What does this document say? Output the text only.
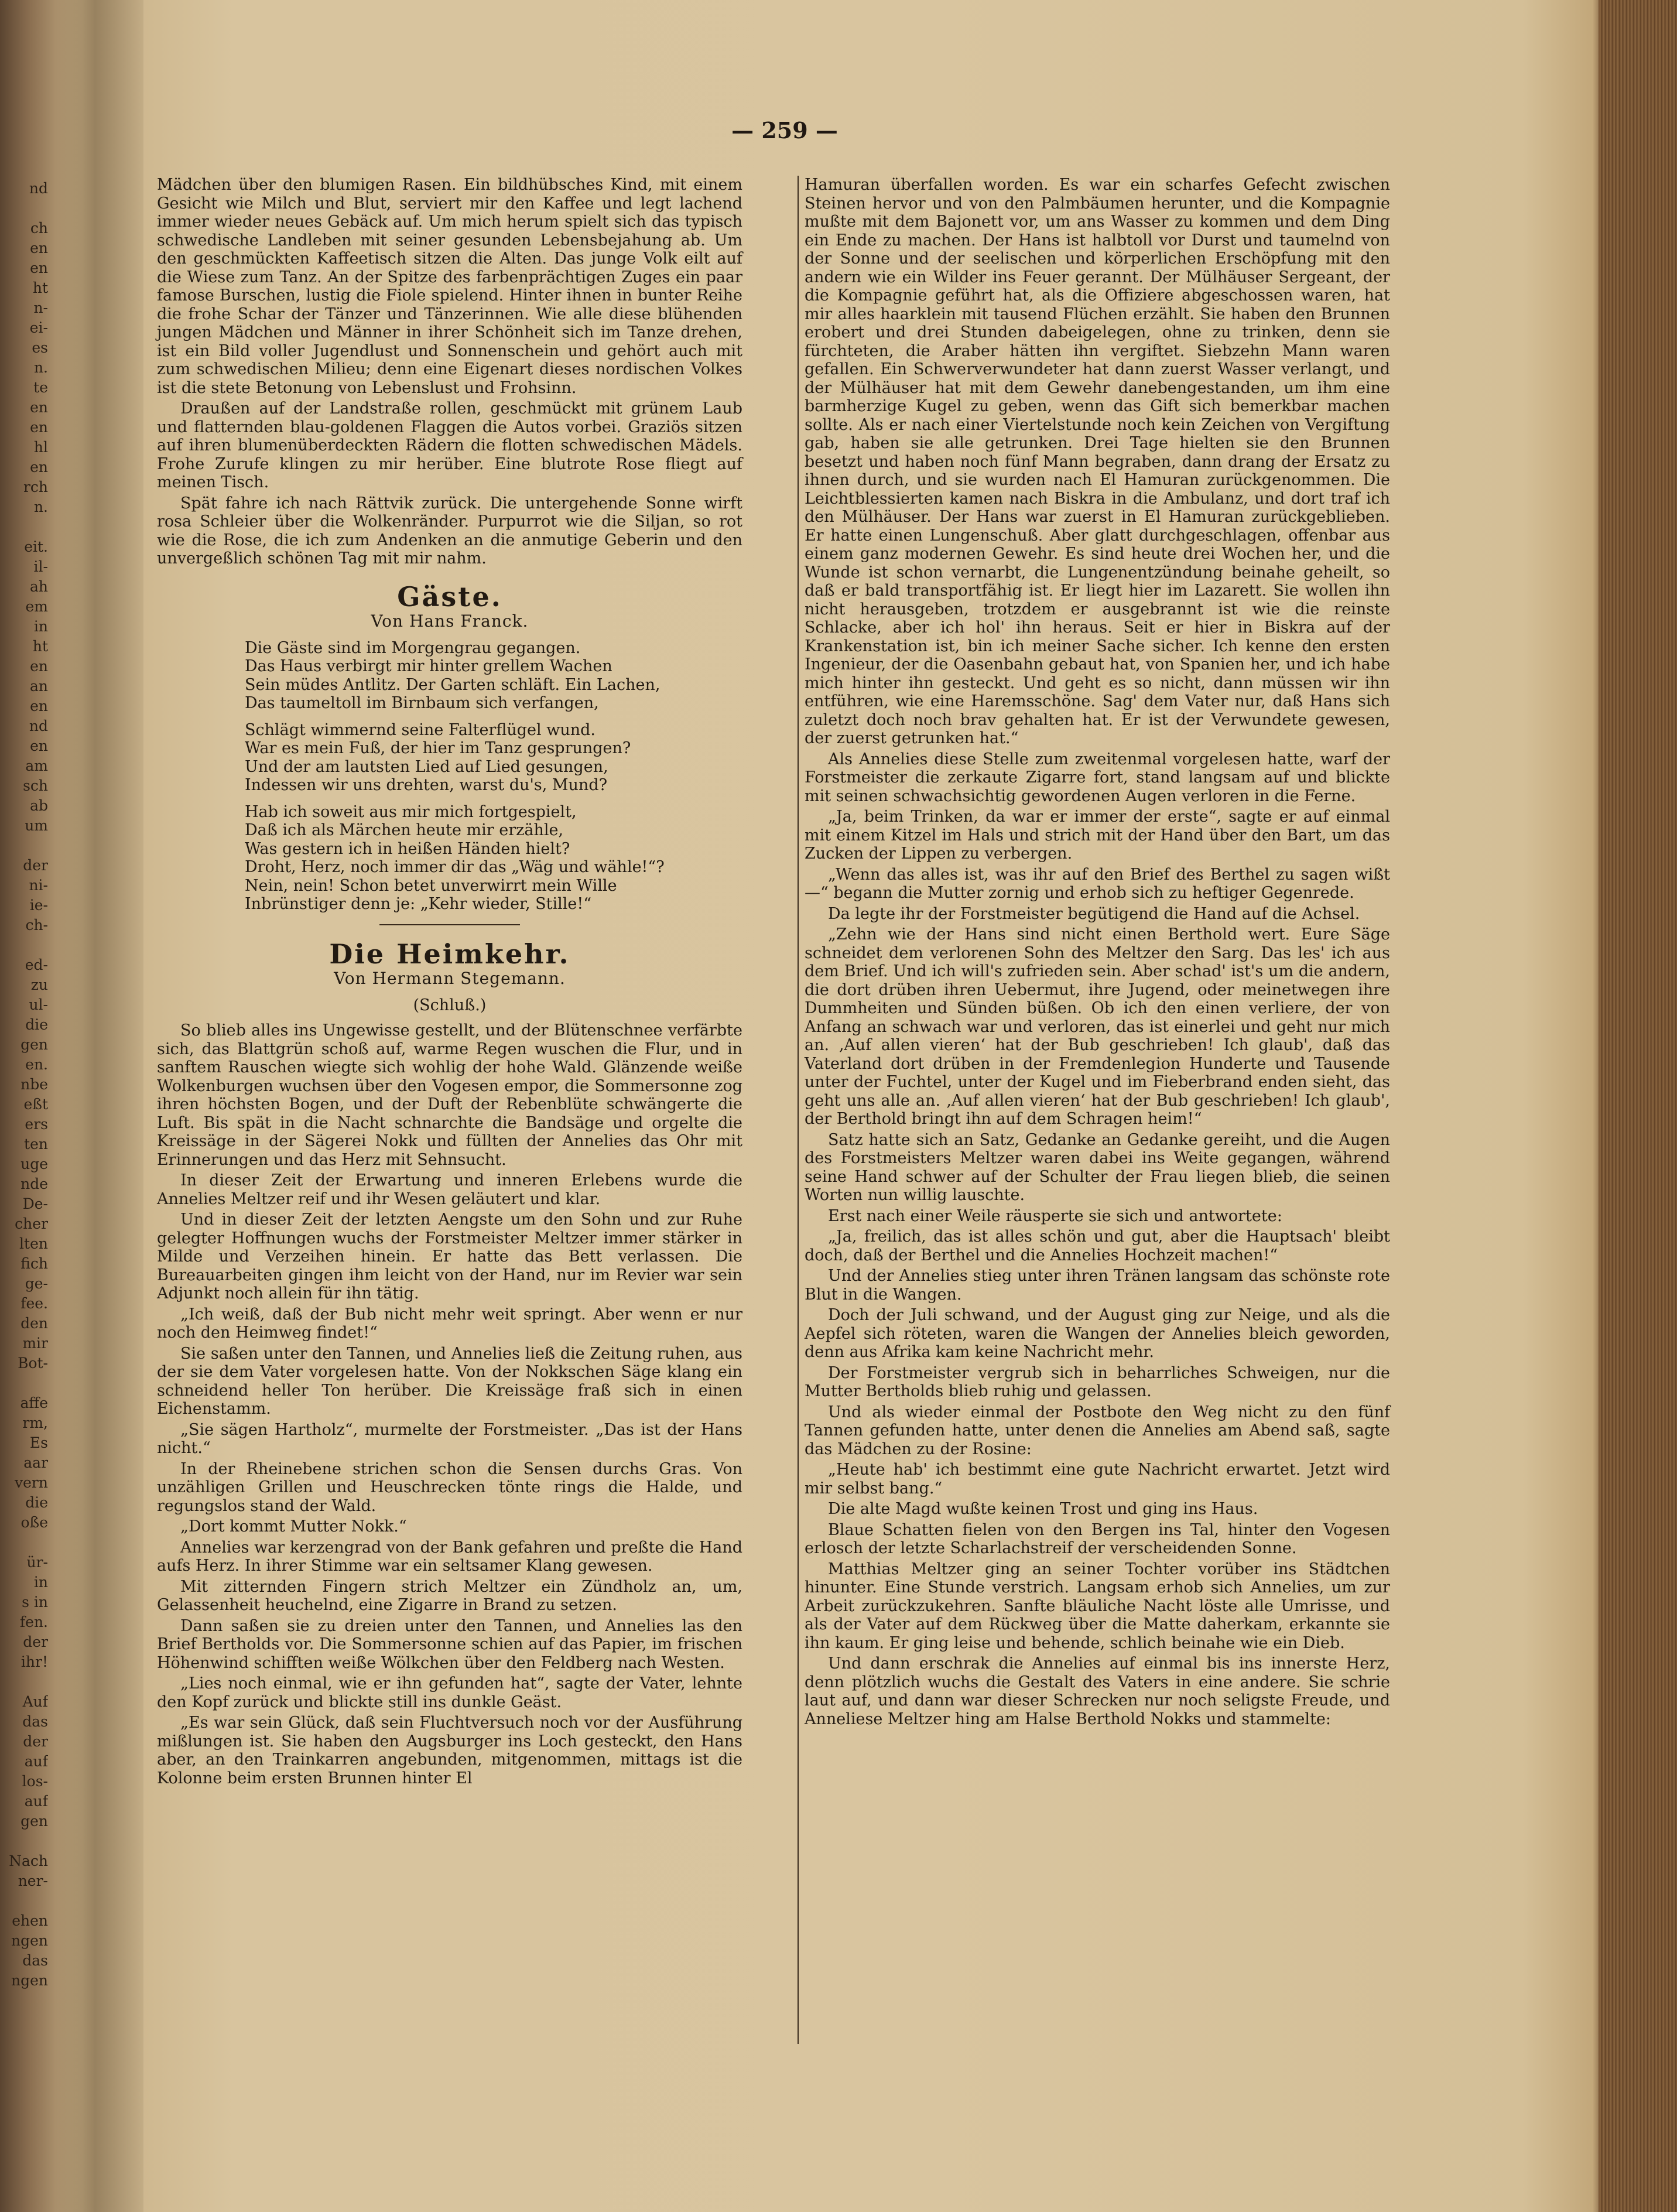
nd
ch
en
en
ht
n-
ei-
es
n.
te
en
en
hl
en
rch
n.
eit.
il-
ah
em
in
ht
en
an
en
nd
en
am
sch
ab
um
der
ni-
ie-
ch-
ed-
zu
ul-
die
gen
en.
nbe
eßt
ers
ten
uge
nde
De-
cher
lten
fich
ge-
fee.
den
mir
Bot-
affe
rm,
Es
aar
vern
die
oße
ür-
in
s in
fen.
der
ihr!
Auf
das
der
auf
los-
auf
gen
Nach
ner-
ehen
ngen
das
ngen
— 259 —

Mädchen über den blumigen Rasen. Ein bildhübsches Kind, mit einem Gesicht wie Milch und Blut, serviert mir den Kaffee und legt lachend immer wieder neues Gebäck auf. Um mich herum spielt sich das typisch schwedische Landleben mit seiner gesunden Lebensbejahung ab. Um den geschmückten Kaffeetisch sitzen die Alten. Das junge Volk eilt auf die Wiese zum Tanz. An der Spitze des farbenprächtigen Zuges ein paar famose Burschen, lustig die Fiole spielend. Hinter ihnen in bunter Reihe die frohe Schar der Tänzer und Tänzerinnen. Wie alle diese blühenden jungen Mädchen und Männer in ihrer Schönheit sich im Tanze drehen, ist ein Bild voller Jugendlust und Sonnenschein und gehört auch mit zum schwedischen Milieu; denn eine Eigenart dieses nordischen Volkes ist die stete Betonung von Lebenslust und Frohsinn.

Draußen auf der Landstraße rollen, geschmückt mit grünem Laub und flatternden blau-goldenen Flaggen die Autos vorbei. Graziös sitzen auf ihren blumenüberdeckten Rädern die flotten schwedischen Mädels. Frohe Zurufe klingen zu mir herüber. Eine blutrote Rose fliegt auf meinen Tisch.

Spät fahre ich nach Rättvik zurück. Die untergehende Sonne wirft rosa Schleier über die Wolkenränder. Purpurrot wie die Siljan, so rot wie die Rose, die ich zum Andenken an die anmutige Geberin und den unvergeßlich schönen Tag mit mir nahm.

Gäste.
Von Hans Franck.
Die Gäste sind im Morgengrau gegangen.
Das Haus verbirgt mir hinter grellem Wachen
Sein müdes Antlitz. Der Garten schläft. Ein Lachen,
Das taumeltoll im Birnbaum sich verfangen,
Schlägt wimmernd seine Falterflügel wund.
War es mein Fuß, der hier im Tanz gesprungen?
Und der am lautsten Lied auf Lied gesungen,
Indessen wir uns drehten, warst du's, Mund?
Hab ich soweit aus mir mich fortgespielt,
Daß ich als Märchen heute mir erzähle,
Was gestern ich in heißen Händen hielt?
Droht, Herz, noch immer dir das „Wäg und wähle!“?
Nein, nein! Schon betet unverwirrt mein Wille
Inbrünstiger denn je: „Kehr wieder, Stille!“
Die Heimkehr.
Von Hermann Stegemann.
(Schluß.)

So blieb alles ins Ungewisse gestellt, und der Blütenschnee verfärbte sich, das Blattgrün schoß auf, warme Regen wuschen die Flur, und in sanftem Rauschen wiegte sich wohlig der hohe Wald. Glänzende weiße Wolkenburgen wuchsen über den Vogesen empor, die Sommersonne zog ihren höchsten Bogen, und der Duft der Rebenblüte schwängerte die Luft. Bis spät in die Nacht schnarchte die Bandsäge und orgelte die Kreissäge in der Sägerei Nokk und füllten der Annelies das Ohr mit Erinnerungen und das Herz mit Sehnsucht.

In dieser Zeit der Erwartung und inneren Erlebens wurde die Annelies Meltzer reif und ihr Wesen geläutert und klar.

Und in dieser Zeit der letzten Aengste um den Sohn und zur Ruhe gelegter Hoffnungen wuchs der Forstmeister Meltzer immer stärker in Milde und Verzeihen hinein. Er hatte das Bett verlassen. Die Bureauarbeiten gingen ihm leicht von der Hand, nur im Revier war sein Adjunkt noch allein für ihn tätig.

„Ich weiß, daß der Bub nicht mehr weit springt. Aber wenn er nur noch den Heimweg findet!“

Sie saßen unter den Tannen, und Annelies ließ die Zeitung ruhen, aus der sie dem Vater vorgelesen hatte. Von der Nokkschen Säge klang ein schneidend heller Ton herüber. Die Kreissäge fraß sich in einen Eichenstamm.

„Sie sägen Hartholz“, murmelte der Forstmeister. „Das ist der Hans nicht.“

In der Rheinebene strichen schon die Sensen durchs Gras. Von unzähligen Grillen und Heuschrecken tönte rings die Halde, und regungslos stand der Wald.

„Dort kommt Mutter Nokk.“

Annelies war kerzengrad von der Bank gefahren und preßte die Hand aufs Herz. In ihrer Stimme war ein seltsamer Klang gewesen.

Mit zitternden Fingern strich Meltzer ein Zündholz an, um, Gelassenheit heuchelnd, eine Zigarre in Brand zu setzen.

Dann saßen sie zu dreien unter den Tannen, und Annelies las den Brief Bertholds vor. Die Sommersonne schien auf das Papier, im frischen Höhenwind schifften weiße Wölkchen über den Feldberg nach Westen.

„Lies noch einmal, wie er ihn gefunden hat“, sagte der Vater, lehnte den Kopf zurück und blickte still ins dunkle Geäst.

„Es war sein Glück, daß sein Fluchtversuch noch vor der Ausführung mißlungen ist. Sie haben den Augsburger ins Loch gesteckt, den Hans aber, an den Trainkarren angebunden, mitgenommen, mittags ist die Kolonne beim ersten Brunnen hinter El

Hamuran überfallen worden. Es war ein scharfes Gefecht zwischen Steinen hervor und von den Palmbäumen herunter, und die Kompagnie mußte mit dem Bajonett vor, um ans Wasser zu kommen und dem Ding ein Ende zu machen. Der Hans ist halbtoll vor Durst und taumelnd von der Sonne und der seelischen und körperlichen Erschöpfung mit den andern wie ein Wilder ins Feuer gerannt. Der Mülhäuser Sergeant, der die Kompagnie geführt hat, als die Offiziere abgeschossen waren, hat mir alles haarklein mit tausend Flüchen erzählt. Sie haben den Brunnen erobert und drei Stunden dabeigelegen, ohne zu trinken, denn sie fürchteten, die Araber hätten ihn vergiftet. Siebzehn Mann waren gefallen. Ein Schwerverwundeter hat dann zuerst Wasser verlangt, und der Mülhäuser hat mit dem Gewehr danebengestanden, um ihm eine barmherzige Kugel zu geben, wenn das Gift sich bemerkbar machen sollte. Als er nach einer Viertelstunde noch kein Zeichen von Vergiftung gab, haben sie alle getrunken. Drei Tage hielten sie den Brunnen besetzt und haben noch fünf Mann begraben, dann drang der Ersatz zu ihnen durch, und sie wurden nach El Hamuran zurückgenommen. Die Leichtblessierten kamen nach Biskra in die Ambulanz, und dort traf ich den Mülhäuser. Der Hans war zuerst in El Hamuran zurückgeblieben. Er hatte einen Lungenschuß. Aber glatt durchgeschlagen, offenbar aus einem ganz modernen Gewehr. Es sind heute drei Wochen her, und die Wunde ist schon vernarbt, die Lungenentzündung beinahe geheilt, so daß er bald transportfähig ist. Er liegt hier im Lazarett. Sie wollen ihn nicht herausgeben, trotzdem er ausgebrannt ist wie die reinste Schlacke, aber ich hol' ihn heraus. Seit er hier in Biskra auf der Krankenstation ist, bin ich meiner Sache sicher. Ich kenne den ersten Ingenieur, der die Oasenbahn gebaut hat, von Spanien her, und ich habe mich hinter ihn gesteckt. Und geht es so nicht, dann müssen wir ihn entführen, wie eine Haremsschöne. Sag' dem Vater nur, daß Hans sich zuletzt doch noch brav gehalten hat. Er ist der Verwundete gewesen, der zuerst getrunken hat.“

Als Annelies diese Stelle zum zweitenmal vorgelesen hatte, warf der Forstmeister die zerkaute Zigarre fort, stand langsam auf und blickte mit seinen schwachsichtig gewordenen Augen verloren in die Ferne.

„Ja, beim Trinken, da war er immer der erste“, sagte er auf einmal mit einem Kitzel im Hals und strich mit der Hand über den Bart, um das Zucken der Lippen zu verbergen.

„Wenn das alles ist, was ihr auf den Brief des Berthel zu sagen wißt —“ begann die Mutter zornig und erhob sich zu heftiger Gegenrede.

Da legte ihr der Forstmeister begütigend die Hand auf die Achsel.

„Zehn wie der Hans sind nicht einen Berthold wert. Eure Säge schneidet dem verlorenen Sohn des Meltzer den Sarg. Das les' ich aus dem Brief. Und ich will's zufrieden sein. Aber schad' ist's um die andern, die dort drüben ihren Uebermut, ihre Jugend, oder meinetwegen ihre Dummheiten und Sünden büßen. Ob ich den einen verliere, der von Anfang an schwach war und verloren, das ist einerlei und geht nur mich an. ‚Auf allen vieren‘ hat der Bub geschrieben! Ich glaub', daß das Vaterland dort drüben in der Fremdenlegion Hunderte und Tausende unter der Fuchtel, unter der Kugel und im Fieberbrand enden sieht, das geht uns alle an. ‚Auf allen vieren‘ hat der Bub geschrieben! Ich glaub', der Berthold bringt ihn auf dem Schragen heim!“

Satz hatte sich an Satz, Gedanke an Gedanke gereiht, und die Augen des Forstmeisters Meltzer waren dabei ins Weite gegangen, während seine Hand schwer auf der Schulter der Frau liegen blieb, die seinen Worten nun willig lauschte.

Erst nach einer Weile räusperte sie sich und antwortete:

„Ja, freilich, das ist alles schön und gut, aber die Hauptsach' bleibt doch, daß der Berthel und die Annelies Hochzeit machen!“

Und der Annelies stieg unter ihren Tränen langsam das schönste rote Blut in die Wangen.

Doch der Juli schwand, und der August ging zur Neige, und als die Aepfel sich röteten, waren die Wangen der Annelies bleich geworden, denn aus Afrika kam keine Nachricht mehr.

Der Forstmeister vergrub sich in beharrliches Schweigen, nur die Mutter Bertholds blieb ruhig und gelassen.

Und als wieder einmal der Postbote den Weg nicht zu den fünf Tannen gefunden hatte, unter denen die Annelies am Abend saß, sagte das Mädchen zu der Rosine:

„Heute hab' ich bestimmt eine gute Nachricht erwartet. Jetzt wird mir selbst bang.“

Die alte Magd wußte keinen Trost und ging ins Haus.

Blaue Schatten fielen von den Bergen ins Tal, hinter den Vogesen erlosch der letzte Scharlachstreif der verscheidenden Sonne.

Matthias Meltzer ging an seiner Tochter vorüber ins Städtchen hinunter. Eine Stunde verstrich. Langsam erhob sich Annelies, um zur Arbeit zurückzukehren. Sanfte bläuliche Nacht löste alle Umrisse, und als der Vater auf dem Rückweg über die Matte daherkam, erkannte sie ihn kaum. Er ging leise und behende, schlich beinahe wie ein Dieb.

Und dann erschrak die Annelies auf einmal bis ins innerste Herz, denn plötzlich wuchs die Gestalt des Vaters in eine andere. Sie schrie laut auf, und dann war dieser Schrecken nur noch seligste Freude, und Anneliese Meltzer hing am Halse Berthold Nokks und stammelte:
